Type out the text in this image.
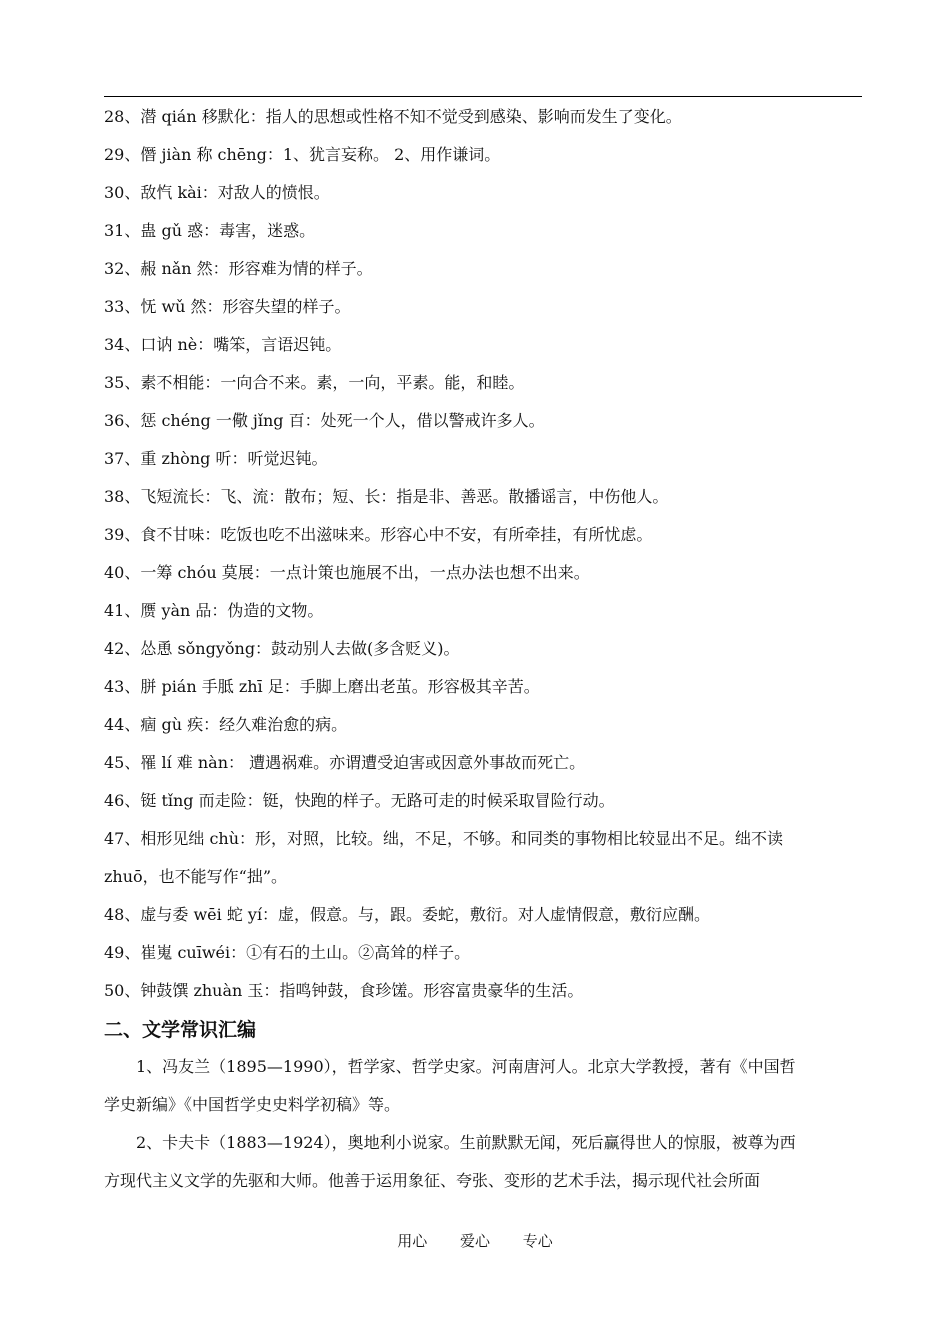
28、潜 qián 移默化：指人的思想或性格不知不觉受到感染、影响而发生了变化。
29、僭 jiàn 称 chēng：1、犹言妄称。 2、用作谦词。
30、敌忾 kài：对敌人的愤恨。
31、蛊 gǔ 惑：毒害，迷惑。
32、赧 nǎn 然：形容难为情的样子。
33、怃 wǔ 然：形容失望的样子。
34、口讷 nè：嘴笨，言语迟钝。
35、素不相能：一向合不来。素，一向，平素。能，和睦。
36、惩 chéng 一儆 jǐng 百：处死一个人，借以警戒许多人。
37、重 zhòng 听：听觉迟钝。
38、飞短流长：飞、流：散布；短、长：指是非、善恶。散播谣言，中伤他人。
39、食不甘味：吃饭也吃不出滋味来。形容心中不安，有所牵挂，有所忧虑。
40、一筹 chóu 莫展：一点计策也施展不出，一点办法也想不出来。
41、赝 yàn 品：伪造的文物。
42、怂恿 sǒngyǒng：鼓动别人去做(多含贬义)。
43、胼 pián 手胝 zhī 足：手脚上磨出老茧。形容极其辛苦。
44、痼 gù 疾：经久难治愈的病。
45、罹 lí 难 nàn： 遭遇祸难。亦谓遭受迫害或因意外事故而死亡。
46、铤 tǐng 而走险：铤，快跑的样子。无路可走的时候采取冒险行动。
47、相形见绌 chù：形，对照，比较。绌，不足，不够。和同类的事物相比较显出不足。绌不读
zhuō，也不能写作“拙”。
48、虚与委 wēi 蛇 yí：虚，假意。与，跟。委蛇，敷衍。对人虚情假意，敷衍应酬。
49、崔嵬 cuīwéi：①有石的土山。②高耸的样子。
50、钟鼓馔 zhuàn 玉：指鸣钟鼓，食珍馐。形容富贵豪华的生活。
二、文学常识汇编
1、冯友兰（1895—1990），哲学家、哲学史家。河南唐河人。北京大学教授，著有《中国哲
学史新编》《中国哲学史史料学初稿》等。
2、卡夫卡（1883—1924），奥地利小说家。生前默默无闻，死后赢得世人的惊服，被尊为西
方现代主义文学的先驱和大师。他善于运用象征、夸张、变形的艺术手法，揭示现代社会所面
用心 爱心 专心
